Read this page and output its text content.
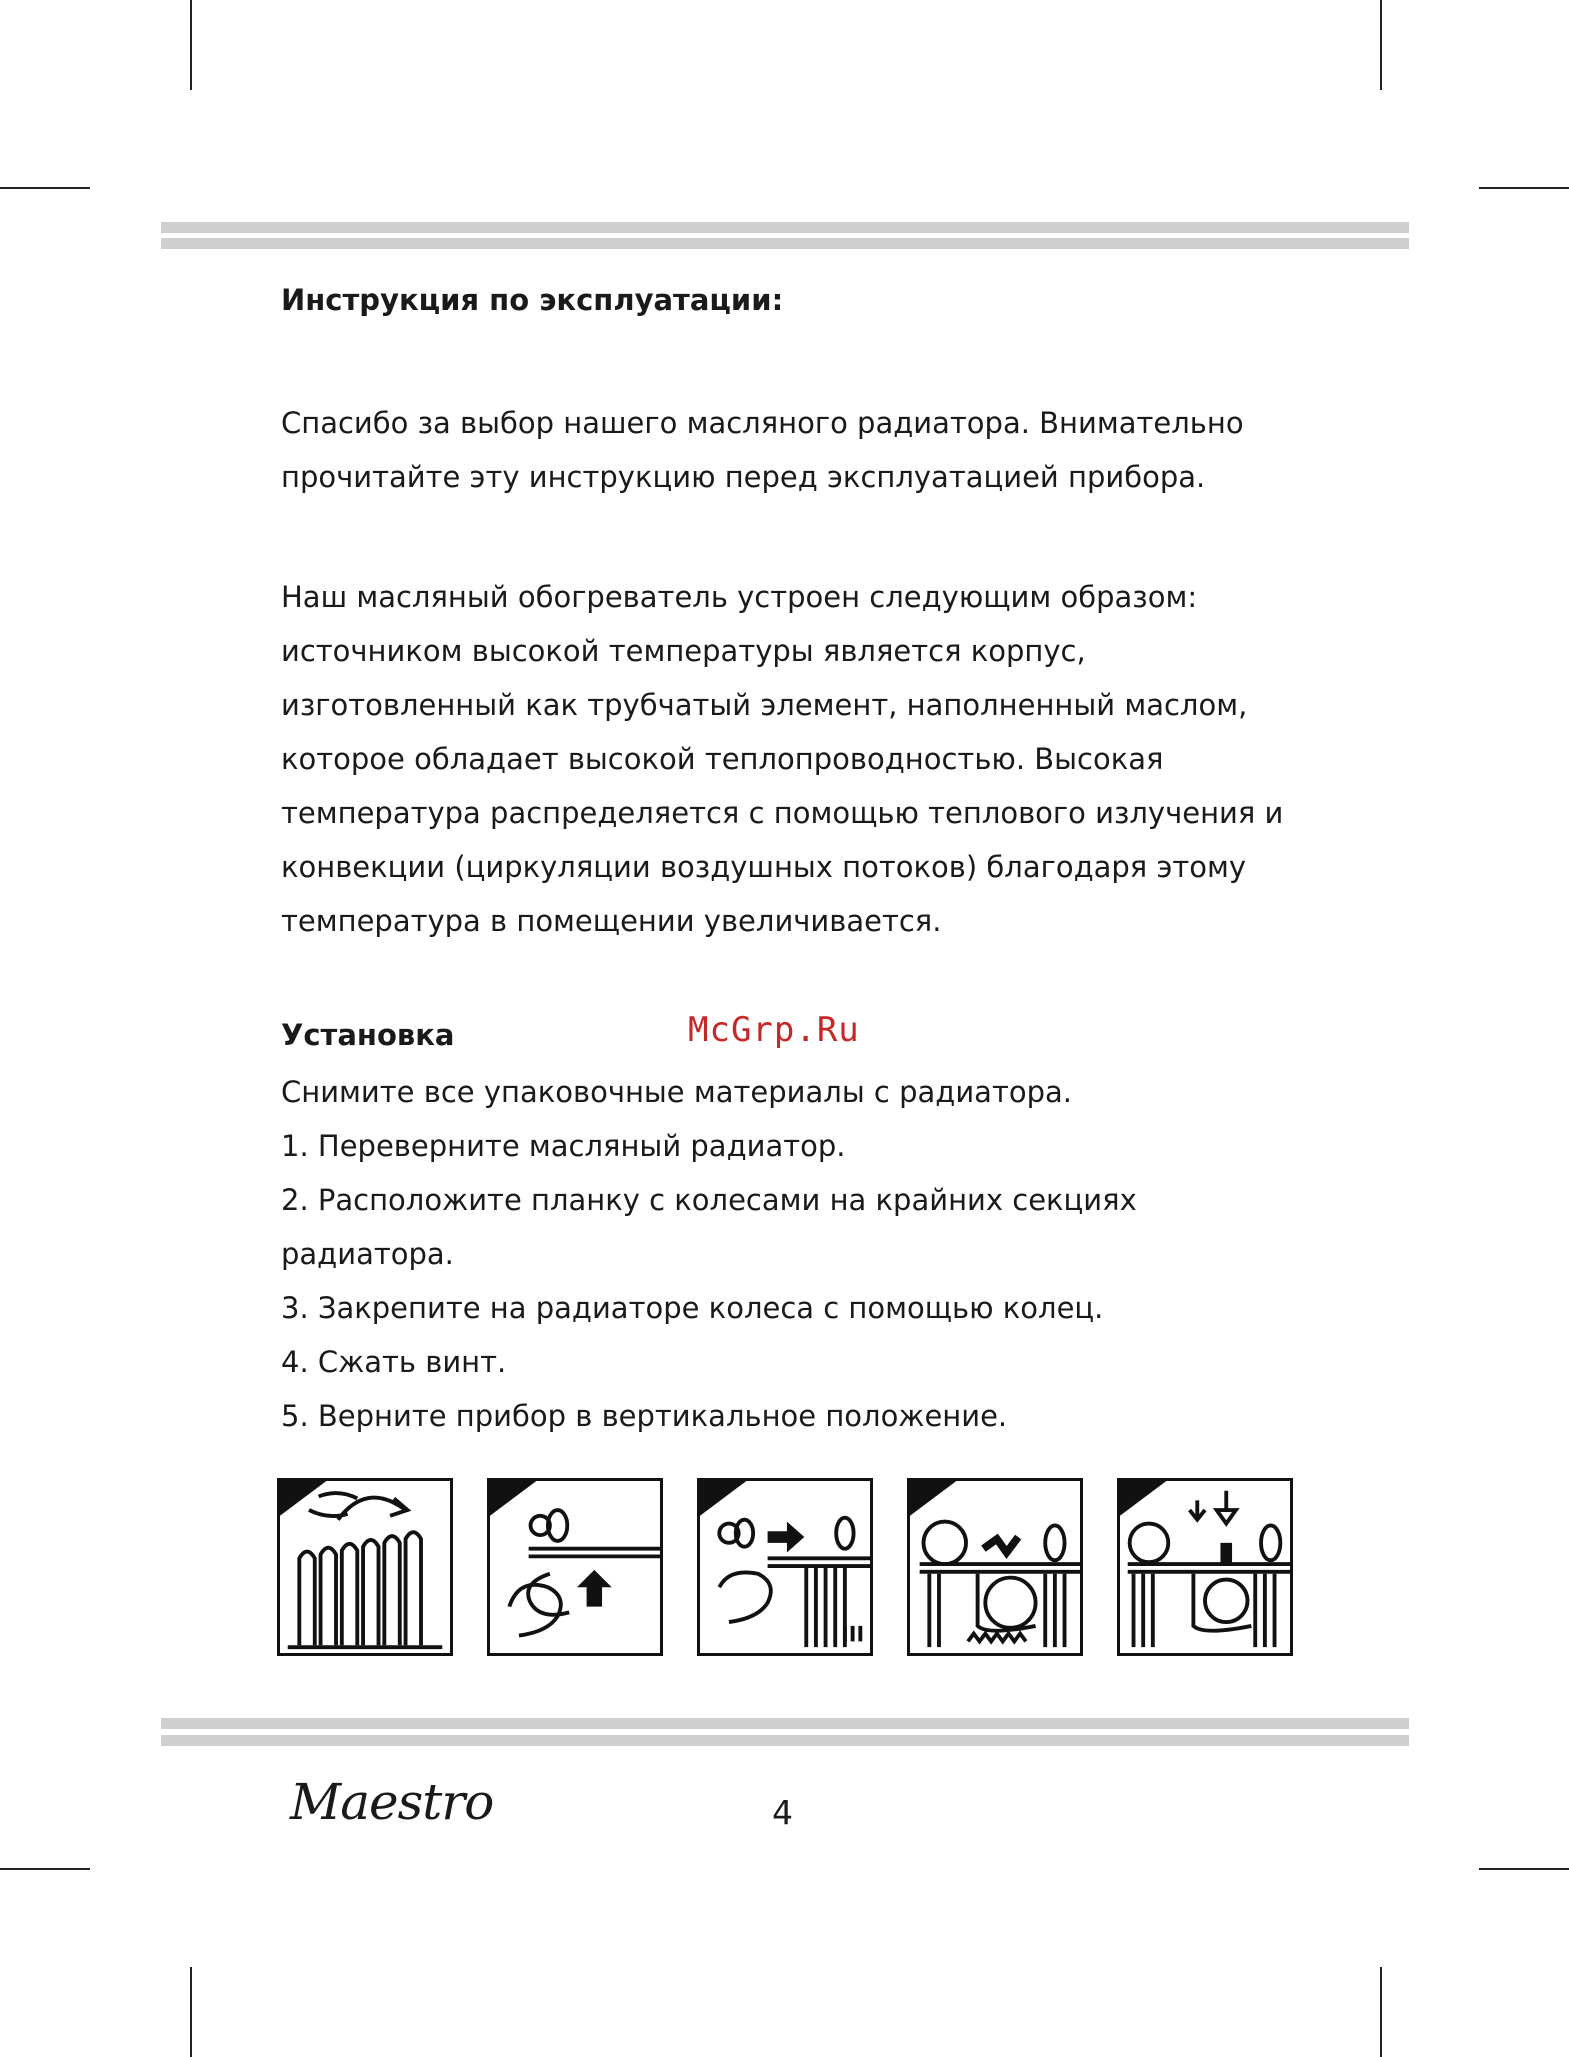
Инструкция по эксплуатации:
Спасибо за выбор нашего масляного радиатора. Внимательно
прочитайте эту инструкцию перед эксплуатацией прибора.
Наш масляный обогреватель устроен следующим образом:
источником высокой температуры является корпус,
изготовленный как трубчатый элемент, наполненный маслом,
которое обладает высокой теплопроводностью. Высокая
температура распределяется с помощью теплового излучения и
конвекции (циркуляции воздушных потоков) благодаря этому
температура в помещении увеличивается.
Установка	McGrp.Ru
Снимите все упаковочные материалы с радиатора.
1. Переверните масляный радиатор.
2. Расположите планку с колесами на крайних секциях
радиатора.
3. Закрепите на радиаторе колеса с помощью колец.
4. Сжать винт.
5. Верните прибор в вертикальное положение.
Maestro	4
